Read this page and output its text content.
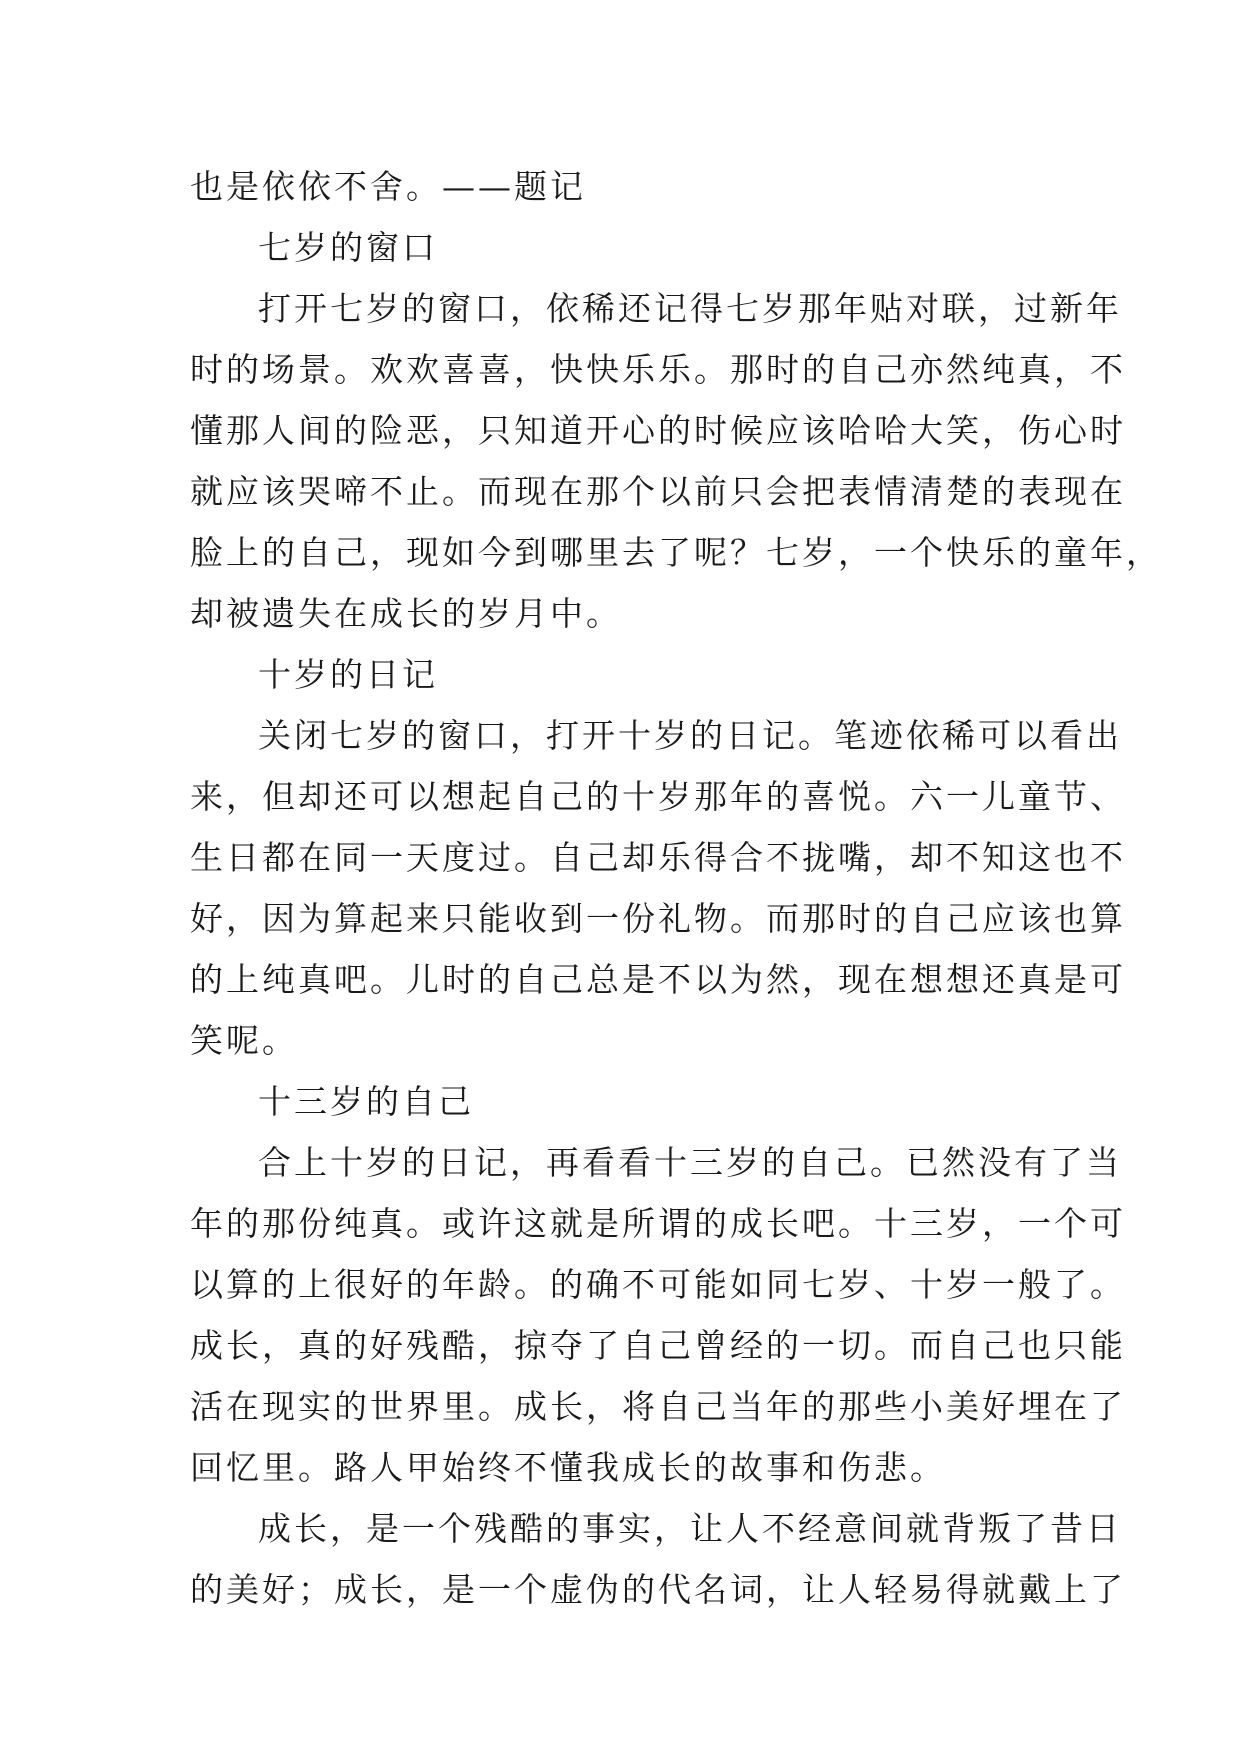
也是依依不舍。——题记
七岁的窗口
打开七岁的窗口，依稀还记得七岁那年贴对联，过新年
时的场景。欢欢喜喜，快快乐乐。那时的自己亦然纯真，不
懂那人间的险恶，只知道开心的时候应该哈哈大笑，伤心时
就应该哭啼不止。而现在那个以前只会把表情清楚的表现在
脸上的自己，现如今到哪里去了呢？七岁，一个快乐的童年，
却被遗失在成长的岁月中。
十岁的日记
关闭七岁的窗口，打开十岁的日记。笔迹依稀可以看出
来，但却还可以想起自己的十岁那年的喜悦。六一儿童节、
生日都在同一天度过。自己却乐得合不拢嘴，却不知这也不
好，因为算起来只能收到一份礼物。而那时的自己应该也算
的上纯真吧。儿时的自己总是不以为然，现在想想还真是可
笑呢。
十三岁的自己
合上十岁的日记，再看看十三岁的自己。已然没有了当
年的那份纯真。或许这就是所谓的成长吧。十三岁，一个可
以算的上很好的年龄。的确不可能如同七岁、十岁一般了。
成长，真的好残酷，掠夺了自己曾经的一切。而自己也只能
活在现实的世界里。成长，将自己当年的那些小美好埋在了
回忆里。路人甲始终不懂我成长的故事和伤悲。
成长，是一个残酷的事实，让人不经意间就背叛了昔日
的美好；成长，是一个虚伪的代名词，让人轻易得就戴上了
